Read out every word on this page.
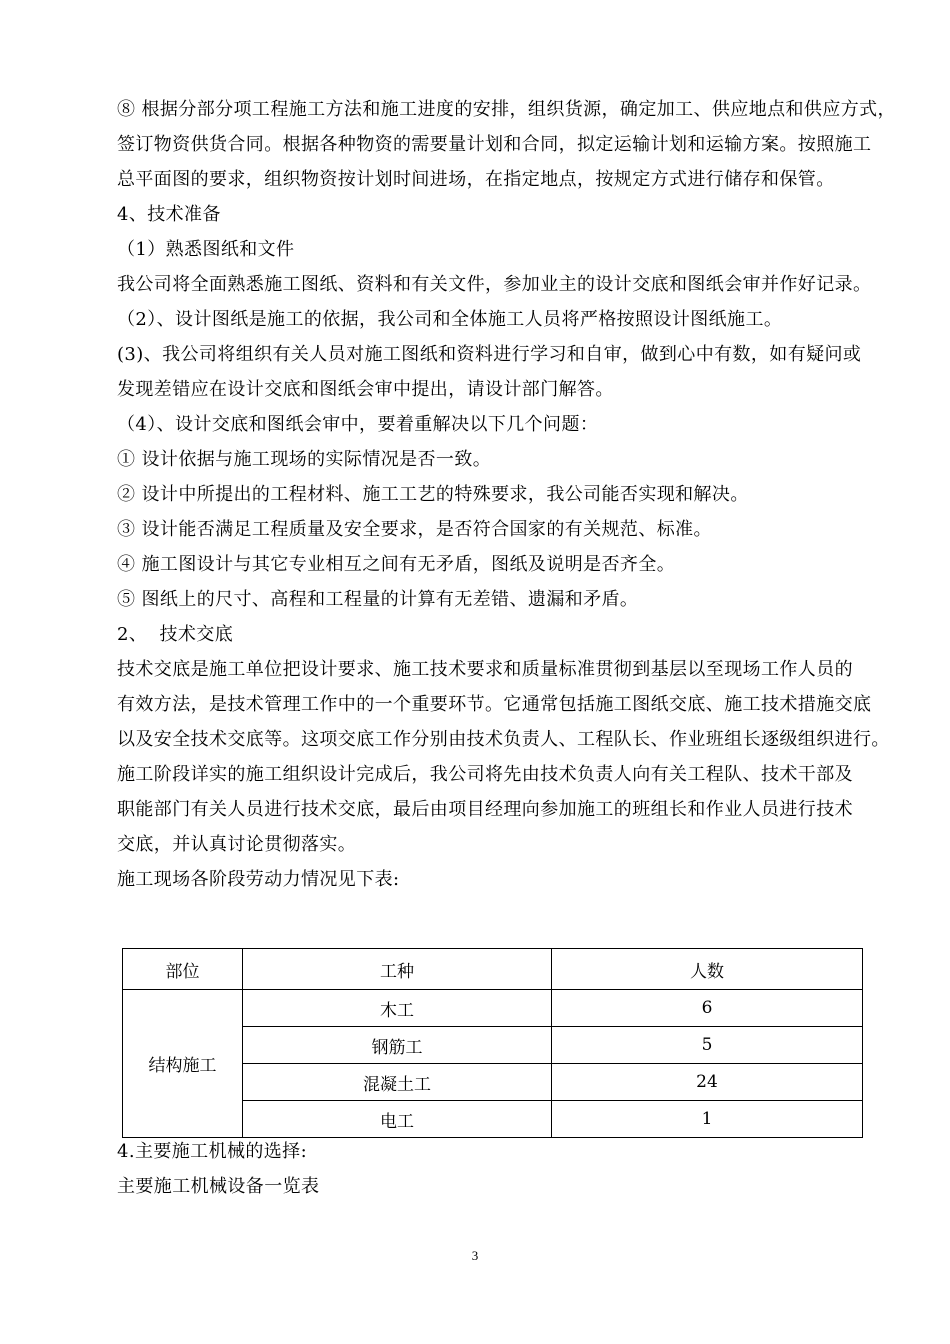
⑧ 根据分部分项工程施工方法和施工进度的安排，组织货源，确定加工、供应地点和供应方式，
签订物资供货合同。根据各种物资的需要量计划和合同，拟定运输计划和运输方案。按照施工
总平面图的要求，组织物资按计划时间进场，在指定地点，按规定方式进行储存和保管。
4、技术准备
（1）熟悉图纸和文件
我公司将全面熟悉施工图纸、资料和有关文件，参加业主的设计交底和图纸会审并作好记录。
（2）、设计图纸是施工的依据，我公司和全体施工人员将严格按照设计图纸施工。
(3)、我公司将组织有关人员对施工图纸和资料进行学习和自审，做到心中有数，如有疑问或
发现差错应在设计交底和图纸会审中提出，请设计部门解答。
（4）、设计交底和图纸会审中，要着重解决以下几个问题：
① 设计依据与施工现场的实际情况是否一致。
② 设计中所提出的工程材料、施工工艺的特殊要求，我公司能否实现和解决。
③ 设计能否满足工程质量及安全要求，是否符合国家的有关规范、标准。
④ 施工图设计与其它专业相互之间有无矛盾，图纸及说明是否齐全。
⑤ 图纸上的尺寸、高程和工程量的计算有无差错、遗漏和矛盾。
2、  技术交底
技术交底是施工单位把设计要求、施工技术要求和质量标准贯彻到基层以至现场工作人员的
有效方法，是技术管理工作中的一个重要环节。它通常包括施工图纸交底、施工技术措施交底
以及安全技术交底等。这项交底工作分别由技术负责人、工程队长、作业班组长逐级组织进行。
施工阶段详实的施工组织设计完成后，我公司将先由技术负责人向有关工程队、技术干部及
职能部门有关人员进行技术交底，最后由项目经理向参加施工的班组长和作业人员进行技术
交底，并认真讨论贯彻落实。
施工现场各阶段劳动力情况见下表:
部位	工种	人数
结构施工	木工	6
	钢筋工	5
	混凝土工	24
	电工	1
4.主要施工机械的选择:
主要施工机械设备一览表
3
